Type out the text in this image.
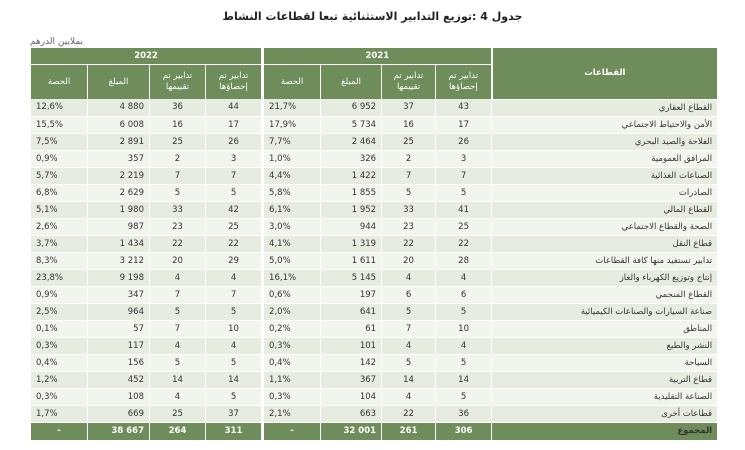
جدول 4 :توزيع التدابير الاستثنائية تبعا لقطاعات النشاط
بملايين الدرهم
2022				2021				القطاعات
الحصة	المبلغ	تدابير تم تقييمها	تدابير تم إحصاؤها	الحصة	المبلغ	تدابير تم تقييمها	تدابير تم إحصاؤها	
12,6%	4 880	36	44	21,7%	6 952	37	43	القطاع العقاري
15,5%	6 008	16	17	17,9%	5 734	16	17	الأمن والاحتياط الاجتماعي
7,5%	2 891	25	26	7,7%	2 464	25	26	الفلاحة والصيد البحري
0,9%	357	2	3	1,0%	326	2	3	المرافق العمومية
5,7%	2 219	7	7	4,4%	1 422	7	7	الصناعات الغذائية
6,8%	2 629	5	5	5,8%	1 855	5	5	الصادرات
5,1%	1 980	33	42	6,1%	1 952	33	41	القطاع المالي
2,6%	987	23	25	3,0%	944	23	25	الصحة والقطاع الاجتماعي
3,7%	1 434	22	22	4,1%	1 319	22	22	قطاع النقل
8,3%	3 212	20	29	5,0%	1 611	20	28	تدابير تستفيد منها كافة القطاعات
23,8%	9 198	4	4	16,1%	5 145	4	4	إنتاج وتوزيع الكهرباء والغاز
0,9%	347	7	7	0,6%	197	6	6	القطاع المنجمي
2,5%	964	5	5	2,0%	641	5	5	صناعة السيارات والصناعات الكيميائية
0,1%	57	7	10	0,2%	61	7	10	المناطق
0,3%	117	4	4	0,3%	101	4	4	النشر والطبع
0,4%	156	5	5	0,4%	142	5	5	السياحة
1,2%	452	14	14	1,1%	367	14	14	قطاع التربية
0,3%	108	4	5	0,3%	104	4	5	الصناعة التقليدية
1,7%	669	25	37	2,1%	663	22	36	قطاعات أخرى
-	38 667	264	311	-	32 001	261	306	المجموع
